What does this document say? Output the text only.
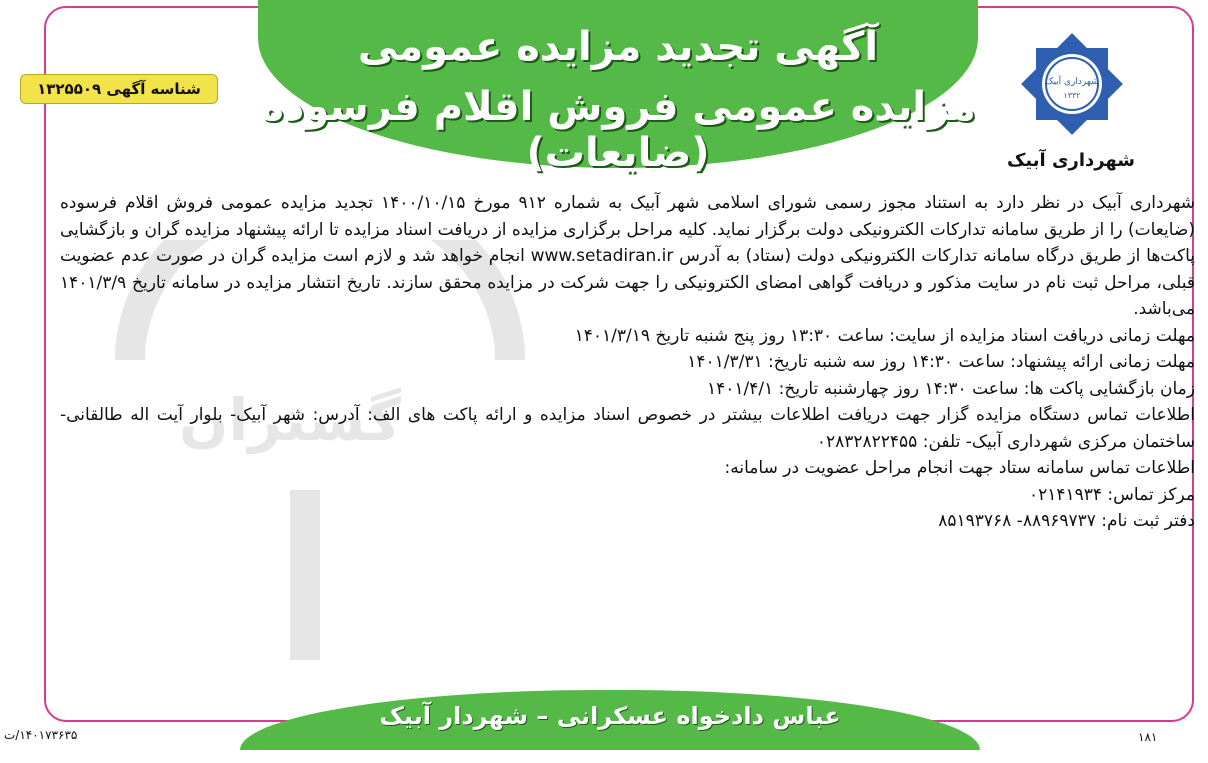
گستران
آگهی تجدید مزایده عمومی
مزایده عمومی فروش اقلام فرسوده (ضایعات)
شناسه آگهی ۱۳۲۵۵۰۹	شهرداری آبیک
۱۳۳۲
شهرداری آبیک

شهرداری آبیک در نظر دارد به استناد مجوز رسمی شورای اسلامی شهر آبیک به شماره ۹۱۲ مورخ ۱۴۰۰/۱۰/۱۵ تجدید مزایده عمومی فروش اقلام فرسوده (ضایعات) را از طریق سامانه تدارکات الکترونیکی دولت برگزار نماید. کلیه مراحل برگزاری مزایده از دریافت اسناد مزایده تا ارائه پیشنهاد مزایده گران و بازگشایی پاکت‌ها از طریق درگاه سامانه تدارکات الکترونیکی دولت (ستاد) به آدرس www.setadiran.ir انجام خواهد شد و لازم است مزایده گران در صورت عدم عضویت قبلی، مراحل ثبت نام در سایت مذکور و دریافت گواهی امضای الکترونیکی را جهت شرکت در مزایده محقق سازند. تاریخ انتشار مزایده در سامانه تاریخ ۱۴۰۱/۳/۹ می‌باشد.

مهلت زمانی دریافت اسناد مزایده از سایت: ساعت ۱۳:۳۰ روز پنج شنبه تاریخ ۱۴۰۱/۳/۱۹

مهلت زمانی ارائه پیشنهاد: ساعت ۱۴:۳۰ روز سه شنبه تاریخ: ۱۴۰۱/۳/۳۱

زمان بازگشایی پاکت ها: ساعت ۱۴:۳۰ روز چهارشنبه تاریخ: ۱۴۰۱/۴/۱

اطلاعات تماس دستگاه مزایده گزار جهت دریافت اطلاعات بیشتر در خصوص اسناد مزایده و ارائه پاکت های الف: آدرس: شهر آبیک- بلوار آیت اله طالقانی- ساختمان مرکزی شهرداری آبیک- تلفن: ۰۲۸۳۲۸۲۲۴۵۵

اطلاعات تماس سامانه ستاد جهت انجام مراحل عضویت در سامانه:

مرکز تماس: ۰۲۱۴۱۹۳۴

دفتر ثبت نام: ۸۸۹۶۹۷۳۷- ۸۵۱۹۳۷۶۸

عباس دادخواه عسکرانی – شهردار آبیک
۱۴۰۱۷۳۶۳۵/ت	۱۸۱
